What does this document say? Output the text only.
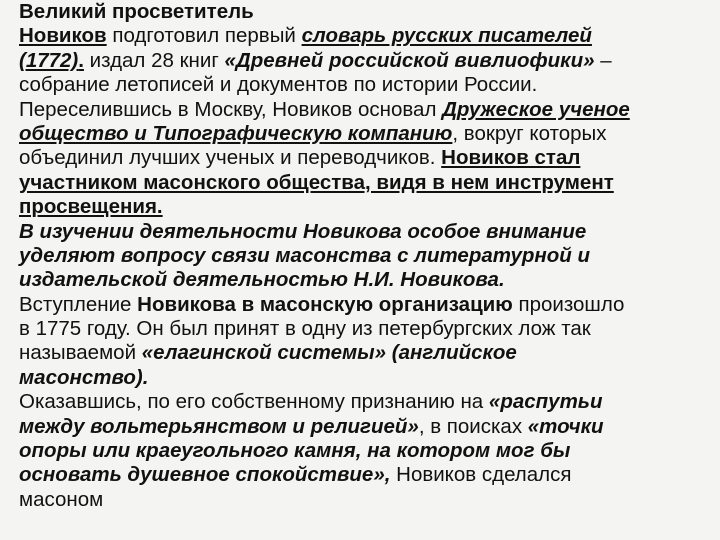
Великий просветитель
Новиков подготовил первый словарь русских писателей
(1772). издал 28 книг «Древней российской вивлиофики» –
собрание летописей и документов по истории России.
Переселившись в Москву, Новиков основал Дружеское ученое
общество и Типографическую компанию, вокруг которых
объединил лучших ученых и переводчиков. Новиков стал
участником масонского общества, видя в нем инструмент
просвещения.
В изучении деятельности Новикова особое внимание
уделяют вопросу связи масонства с литературной и
издательской деятельностью Н.И. Новикова.
Вступление Новикова в масонскую организацию произошло
в 1775 году. Он был принят в одну из петербургских лож так
называемой «елагинской системы» (английское
масонство).
Оказавшись, по его собственному признанию на «распутьи
между вольтерьянством и религией», в поисках «точки
опоры или краеугольного камня, на котором мог бы
основать душевное спокойствие», Новиков сделался
масоном
